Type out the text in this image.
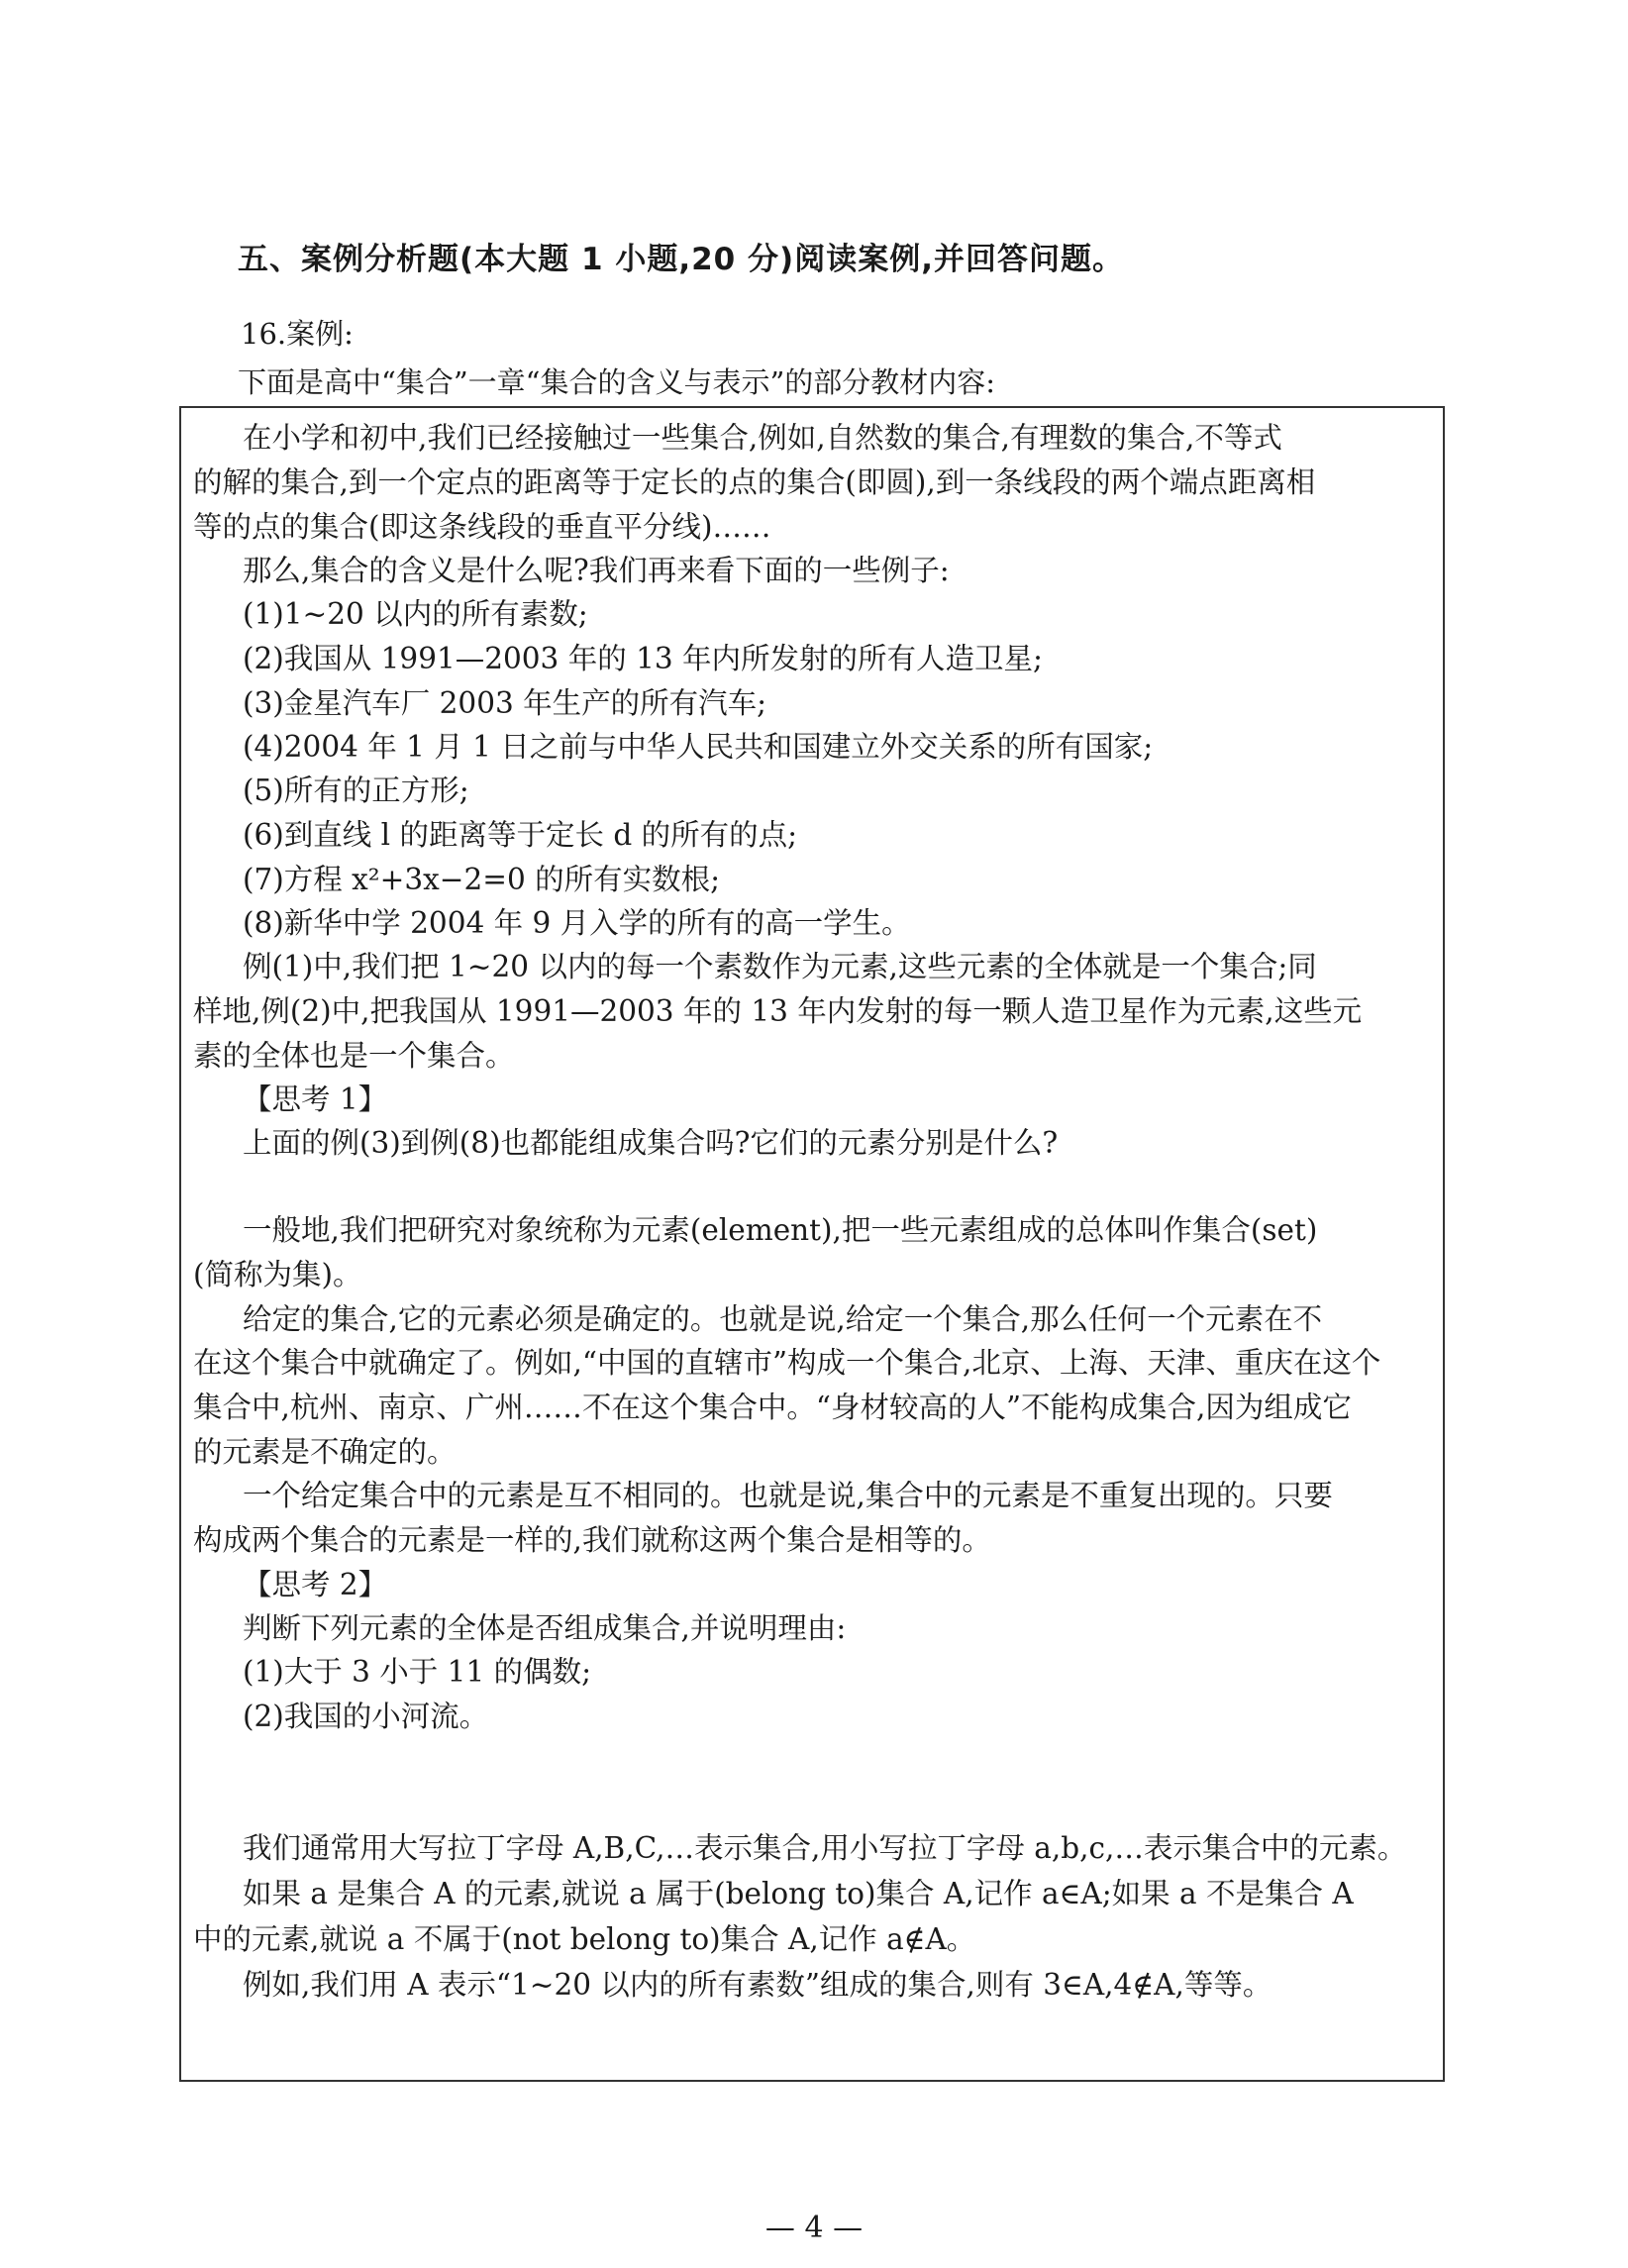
五、案例分析题(本大题 1 小题,20 分)阅读案例,并回答问题。
16.案例:
下面是高中“集合”一章“集合的含义与表示”的部分教材内容:
在小学和初中,我们已经接触过一些集合,例如,自然数的集合,有理数的集合,不等式
的解的集合,到一个定点的距离等于定长的点的集合(即圆),到一条线段的两个端点距离相
等的点的集合(即这条线段的垂直平分线)……
那么,集合的含义是什么呢?我们再来看下面的一些例子:
(1)1~20 以内的所有素数;
(2)我国从 1991—2003 年的 13 年内所发射的所有人造卫星;
(3)金星汽车厂 2003 年生产的所有汽车;
(4)2004 年 1 月 1 日之前与中华人民共和国建立外交关系的所有国家;
(5)所有的正方形;
(6)到直线 l 的距离等于定长 d 的所有的点;
(7)方程 x²+3x−2=0 的所有实数根;
(8)新华中学 2004 年 9 月入学的所有的高一学生。
例(1)中,我们把 1~20 以内的每一个素数作为元素,这些元素的全体就是一个集合;同
样地,例(2)中,把我国从 1991—2003 年的 13 年内发射的每一颗人造卫星作为元素,这些元
素的全体也是一个集合。
【思考 1】
上面的例(3)到例(8)也都能组成集合吗?它们的元素分别是什么?
一般地,我们把研究对象统称为元素(element),把一些元素组成的总体叫作集合(set)
(简称为集)。
给定的集合,它的元素必须是确定的。也就是说,给定一个集合,那么任何一个元素在不
在这个集合中就确定了。例如,“中国的直辖市”构成一个集合,北京、上海、天津、重庆在这个
集合中,杭州、南京、广州……不在这个集合中。“身材较高的人”不能构成集合,因为组成它
的元素是不确定的。
一个给定集合中的元素是互不相同的。也就是说,集合中的元素是不重复出现的。只要
构成两个集合的元素是一样的,我们就称这两个集合是相等的。
【思考 2】
判断下列元素的全体是否组成集合,并说明理由:
(1)大于 3 小于 11 的偶数;
(2)我国的小河流。
我们通常用大写拉丁字母 A,B,C,…表示集合,用小写拉丁字母 a,b,c,…表示集合中的元素。
如果 a 是集合 A 的元素,就说 a 属于(belong to)集合 A,记作 a∈A;如果 a 不是集合 A
中的元素,就说 a 不属于(not belong to)集合 A,记作 a∉A。
例如,我们用 A 表示“1~20 以内的所有素数”组成的集合,则有 3∈A,4∉A,等等。
— 4 —
